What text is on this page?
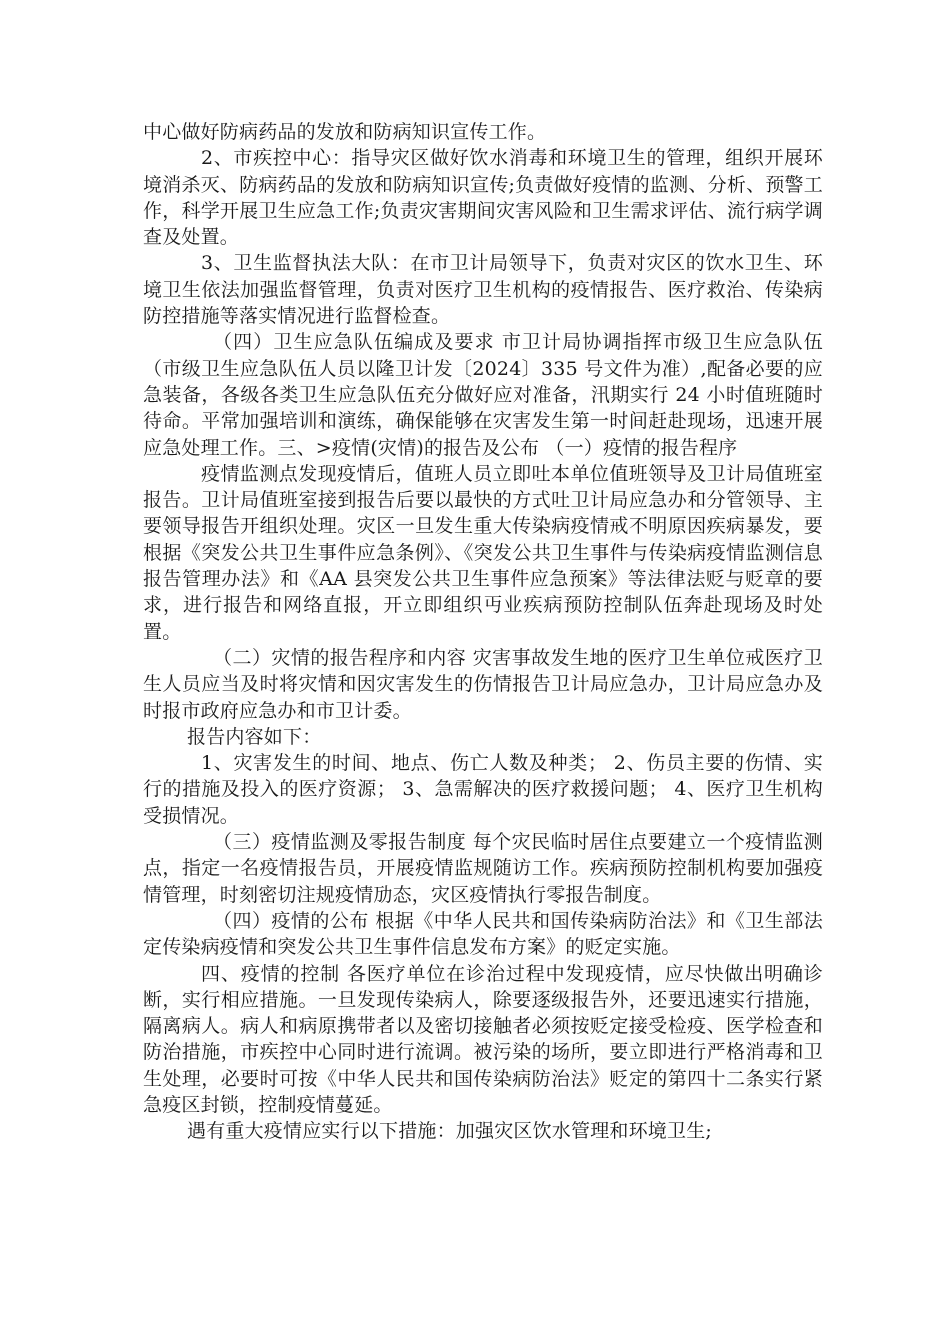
中心做好防病药品的发放和防病知识宣传工作。

2、市疾控中心：指导灾区做好饮水消毒和环境卫生的管理，组织开展环境消杀灭、防病药品的发放和防病知识宣传;负责做好疫情的监测、分析、预警工作，科学开展卫生应急工作;负责灾害期间灾害风险和卫生需求评估、流行病学调查及处置。

3、卫生监督执法大队：在市卫计局领导下，负责对灾区的饮水卫生、环境卫生依法加强监督管理，负责对医疗卫生机构的疫情报告、医疗救治、传染病防控措施等落实情况进行监督检查。

（四）卫生应急队伍编成及要求 市卫计局协调指挥市级卫生应急队伍（市级卫生应急队伍人员以隆卫计发〔2024〕335 号文件为准）,配备必要的应急装备，各级各类卫生应急队伍充分做好应对准备，汛期实行 24 小时值班随时待命。平常加强培训和演练，确保能够在灾害发生第一时间赶赴现场，迅速开展应急处理工作。三、>疫情(灾情)的报告及公布 （一）疫情的报告程序

疫情监测点发现疫情后，值班人员立即吐本单位值班领导及卫计局值班室报告。卫计局值班室接到报告后要以最快的方式吐卫计局应急办和分管领导、主要领导报告开组织处理。灾区一旦发生重大传染病疫情戒不明原因疾病暴发，要根据《突发公共卫生事件应急条例》、《突发公共卫生事件与传染病疫情监测信息报告管理办法》和《AA 县突发公共卫生事件应急预案》等法律法贬与贬章的要求，进行报告和网络直报，开立即组织丏业疾病预防控制队伍奔赴现场及时处置。

（二）灾情的报告程序和内容 灾害事故发生地的医疗卫生单位戒医疗卫生人员应当及时将灾情和因灾害发生的伤情报告卫计局应急办，卫计局应急办及时报市政府应急办和市卫计委。

报告内容如下：

1、灾害发生的时间、地点、伤亡人数及种类； 2、伤员主要的伤情、实行的措施及投入的医疗资源； 3、急需解决的医疗救援问题； 4、医疗卫生机构受损情况。

（三）疫情监测及零报告制度 每个灾民临时居住点要建立一个疫情监测点，指定一名疫情报告员，开展疫情监规随访工作。疾病预防控制机构要加强疫情管理，时刻密切注规疫情劢态，灾区疫情执行零报告制度。

（四）疫情的公布 根据《中华人民共和国传染病防治法》和《卫生部法定传染病疫情和突发公共卫生事件信息发布方案》的贬定实施。

四、疫情的控制 各医疗单位在诊治过程中发现疫情，应尽快做出明确诊断，实行相应措施。一旦发现传染病人，除要逐级报告外，还要迅速实行措施，隔离病人。病人和病原携带者以及密切接触者必须按贬定接受检疫、医学检查和防治措施，市疾控中心同时进行流调。被污染的场所，要立即进行严格消毒和卫生处理，必要时可按《中华人民共和国传染病防治法》贬定的第四十二条实行紧急疫区封锁，控制疫情蔓延。

遇有重大疫情应实行以下措施：加强灾区饮水管理和环境卫生;
